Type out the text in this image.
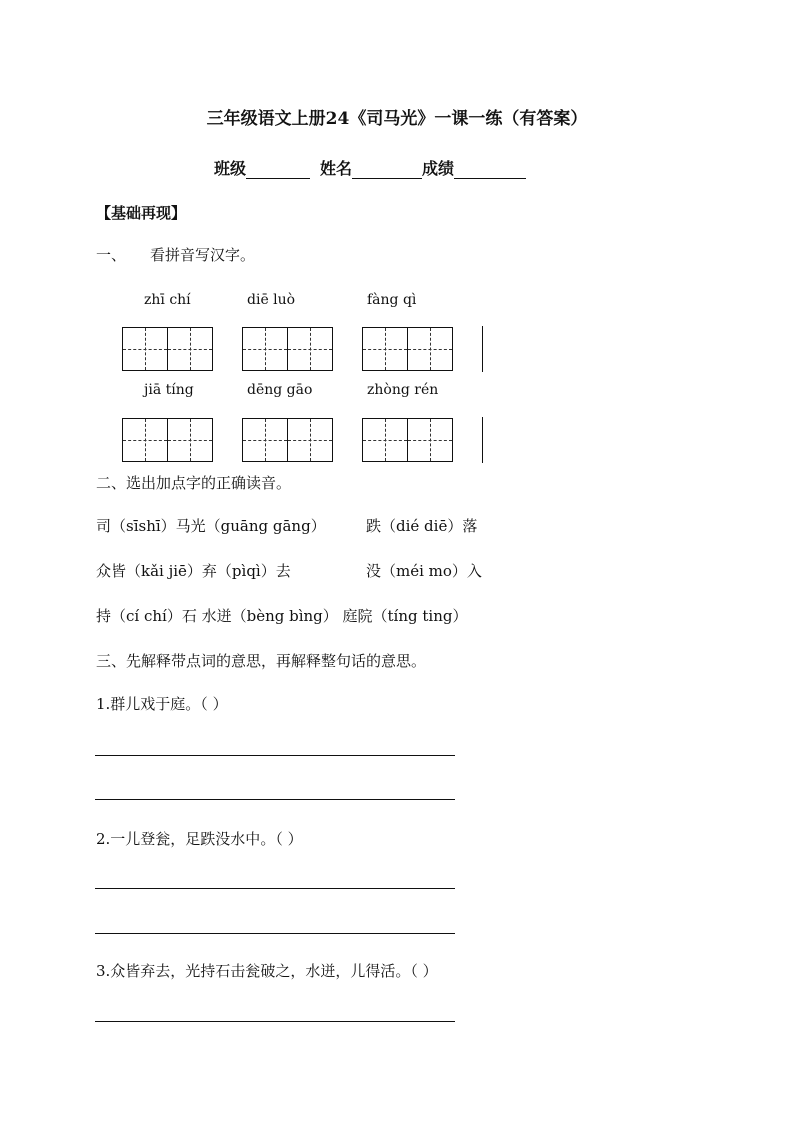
三年级语文上册24《司马光》一课一练（有答案）
班级	姓名	成绩
【基础再现】
一、 看拼音写汉字。
zhī chí	diē luò	fàng qì
jiā tíng	dēng gāo	zhòng rén
二、选出加点字的正确读音。
司（sīshī）马光（guāng gāng）	跌（dié diē）落
众皆（kǎi jiē）弃（pìqì）去	没（méi mo）入
持（cí chí）石 水迸（bèng bìng） 庭院（tíng ting）
三、先解释带点词的意思，再解释整句话的意思。
1.群儿戏于庭。（ ）
2.一儿登瓮，足跌没水中。（ ）
3.众皆弃去，光持石击瓮破之，水迸，儿得活。（ ）
